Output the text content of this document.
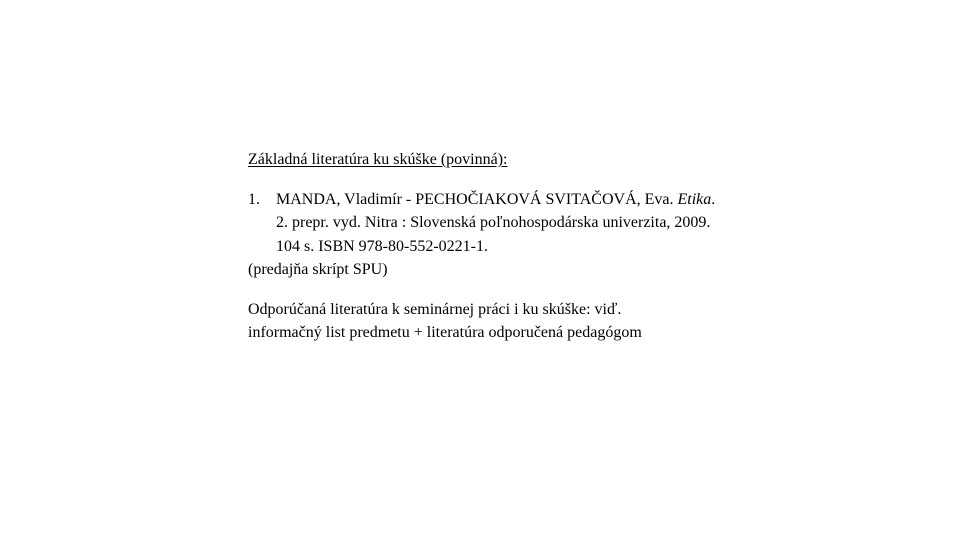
Základná literatúra ku skúške (povinná):

1. MANDA, Vladimír - PECHOČIAKOVÁ SVITAČOVÁ, Eva. Etika. 2. prepr. vyd. Nitra : Slovenská poľnohospodárska univerzita, 2009. 104 s. ISBN 978-80-552-0221-1.

(predajňa skrípt SPU)

Odporúčaná literatúra k seminárnej práci i ku skúške: viď.
informačný list predmetu + literatúra odporučená pedagógom
